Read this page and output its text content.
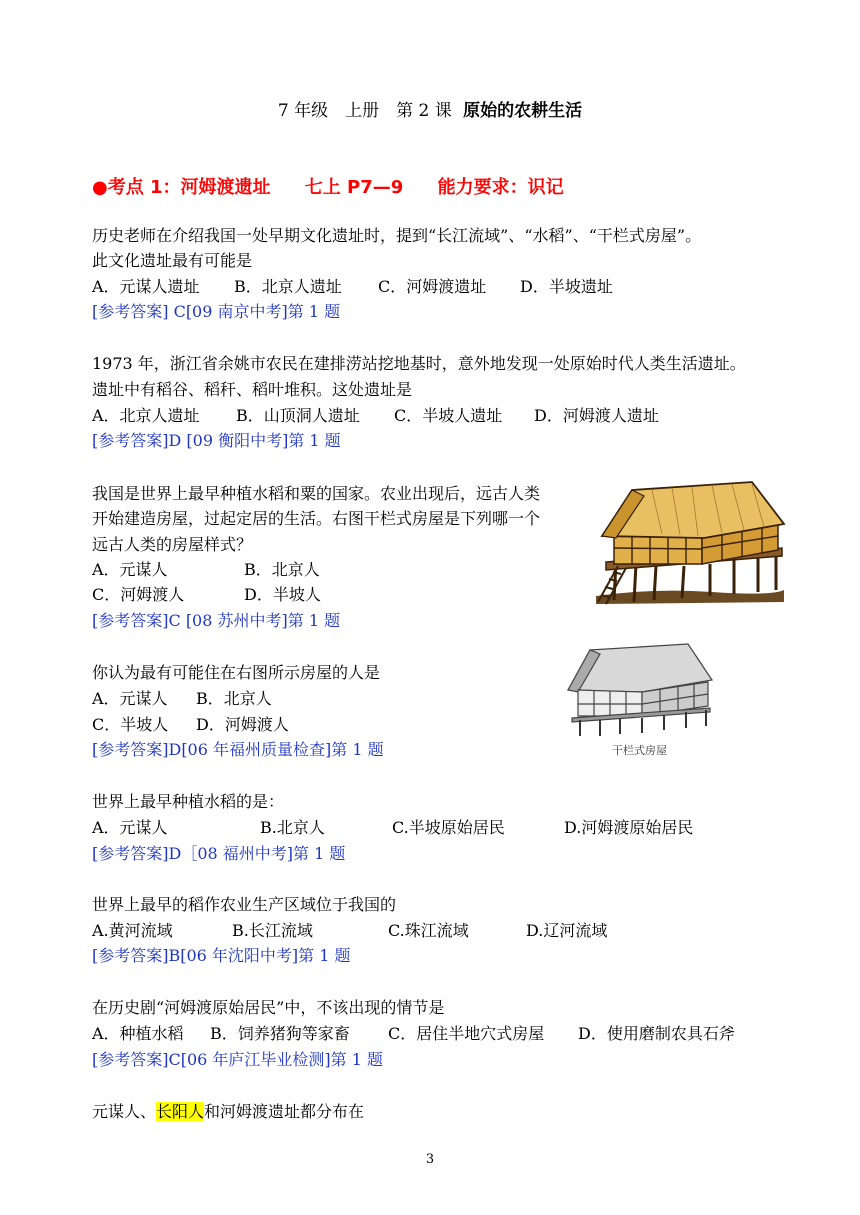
7 年级　上册　第 2 课 原始的农耕生活
●考点 1：河姆渡遗址 七上 P7—9 能力要求：识记
历史老师在介绍我国一处早期文化遗址时，提到“长江流域”、“水稻”、“干栏式房屋”。
此文化遗址最有可能是
A．元谋人遗址 B．北京人遗址 C．河姆渡遗址 D．半坡遗址
[参考答案] C[09 南京中考]第 1 题
1973 年，浙江省余姚市农民在建排涝站挖地基时，意外地发现一处原始时代人类生活遗址。
遗址中有稻谷、稻秆、稻叶堆积。这处遗址是
A．北京人遗址 B．山顶洞人遗址 C．半坡人遗址 D．河姆渡人遗址
[参考答案]D [09 衡阳中考]第 1 题
我国是世界上最早种植水稻和粟的国家。农业出现后，远古人类
开始建造房屋，过起定居的生活。右图干栏式房屋是下列哪一个
远古人类的房屋样式？
A．元谋人	B．北京人
C．河姆渡人	D．半坡人
[参考答案]C [08 苏州中考]第 1 题
你认为最有可能住在右图所示房屋的人是
A．元谋人 B．北京人
C．半坡人 D．河姆渡人
[参考答案]D[06 年福州质量检查]第 1 题	干栏式房屋
世界上最早种植水稻的是：
A．元谋人	B.北京人	C.半坡原始居民	D.河姆渡原始居民
[参考答案]D［08 福州中考]第 1 题
世界上最早的稻作农业生产区域位于我国的
A.黄河流域	B.长江流域	C.珠江流域	D.辽河流域
[参考答案]B[06 年沈阳中考]第 1 题
在历史剧“河姆渡原始居民”中，不该出现的情节是
A．种植水稻 B．饲养猪狗等家畜 C．居住半地穴式房屋 D．使用磨制农具石斧
[参考答案]C[06 年庐江毕业检测]第 1 题
元谋人、长阳人和河姆渡遗址都分布在
3
